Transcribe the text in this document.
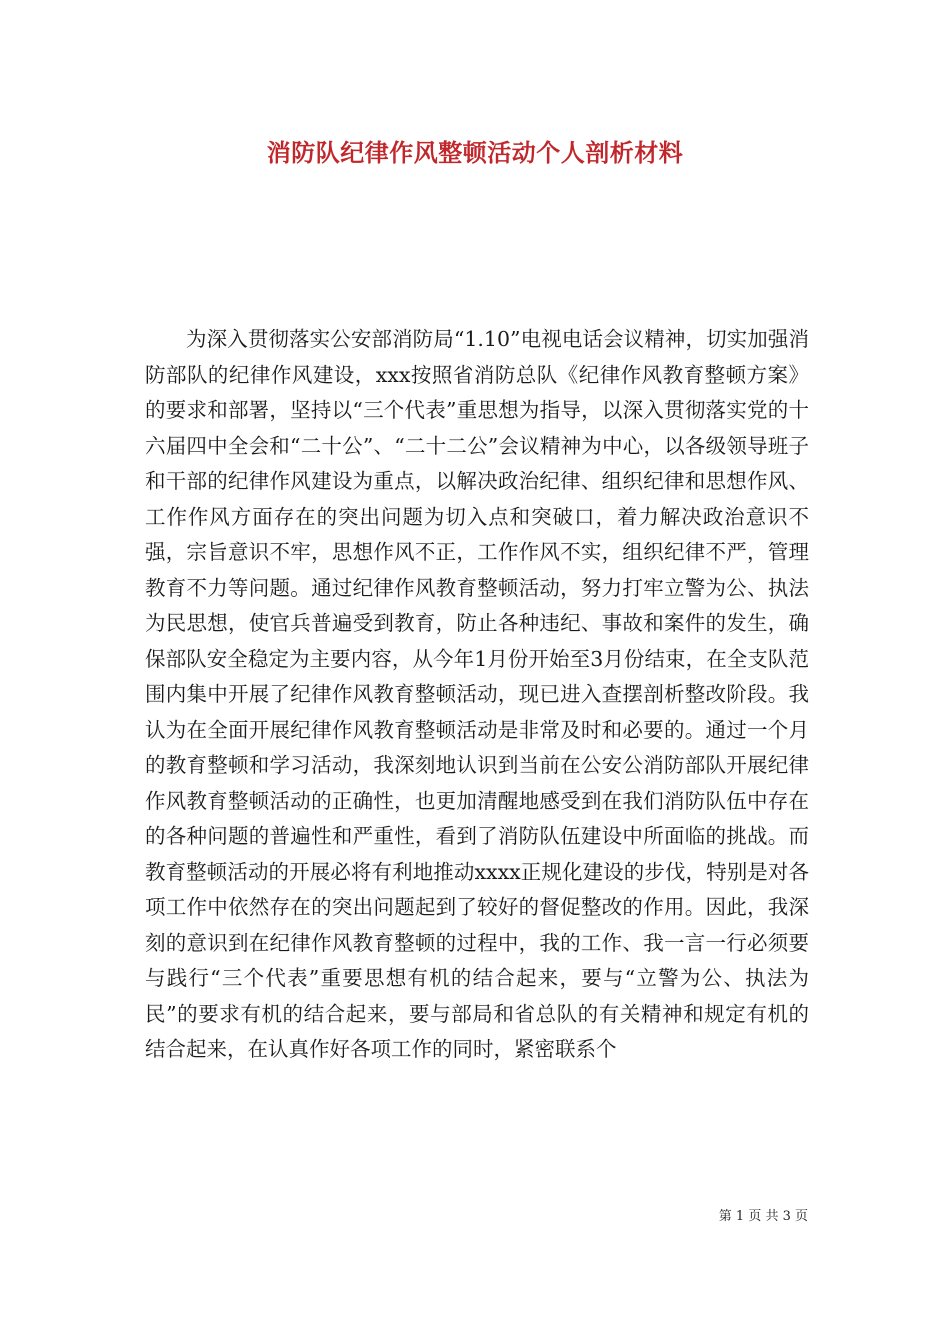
消防队纪律作风整顿活动个人剖析材料

为深入贯彻落实公安部消防局“1.10”电视电话会议精神，切实加强消防部队的纪律作风建设，xxx按照省消防总队《纪律作风教育整顿方案》的要求和部署，坚持以“三个代表”重思想为指导，以深入贯彻落实党的十六届四中全会和“二十公”、“二十二公”会议精神为中心，以各级领导班子和干部的纪律作风建设为重点，以解决政治纪律、组织纪律和思想作风、工作作风方面存在的突出问题为切入点和突破口，着力解决政治意识不强，宗旨意识不牢，思想作风不正，工作作风不实，组织纪律不严，管理教育不力等问题。通过纪律作风教育整顿活动，努力打牢立警为公、执法为民思想，使官兵普遍受到教育，防止各种违纪、事故和案件的发生，确保部队安全稳定为主要内容，从今年1月份开始至3月份结束，在全支队范围内集中开展了纪律作风教育整顿活动，现已进入查摆剖析整改阶段。我认为在全面开展纪律作风教育整顿活动是非常及时和必要的。通过一个月的教育整顿和学习活动，我深刻地认识到当前在公安公消防部队开展纪律作风教育整顿活动的正确性，也更加清醒地感受到在我们消防队伍中存在的各种问题的普遍性和严重性，看到了消防队伍建设中所面临的挑战。而教育整顿活动的开展必将有利地推动xxxx正规化建设的步伐，特别是对各项工作中依然存在的突出问题起到了较好的督促整改的作用。因此，我深刻的意识到在纪律作风教育整顿的过程中，我的工作、我一言一行必须要与践行“三个代表”重要思想有机的结合起来，要与“立警为公、执法为民”的要求有机的结合起来，要与部局和省总队的有关精神和规定有机的结合起来，在认真作好各项工作的同时，紧密联系个

第 1 页 共 3 页
